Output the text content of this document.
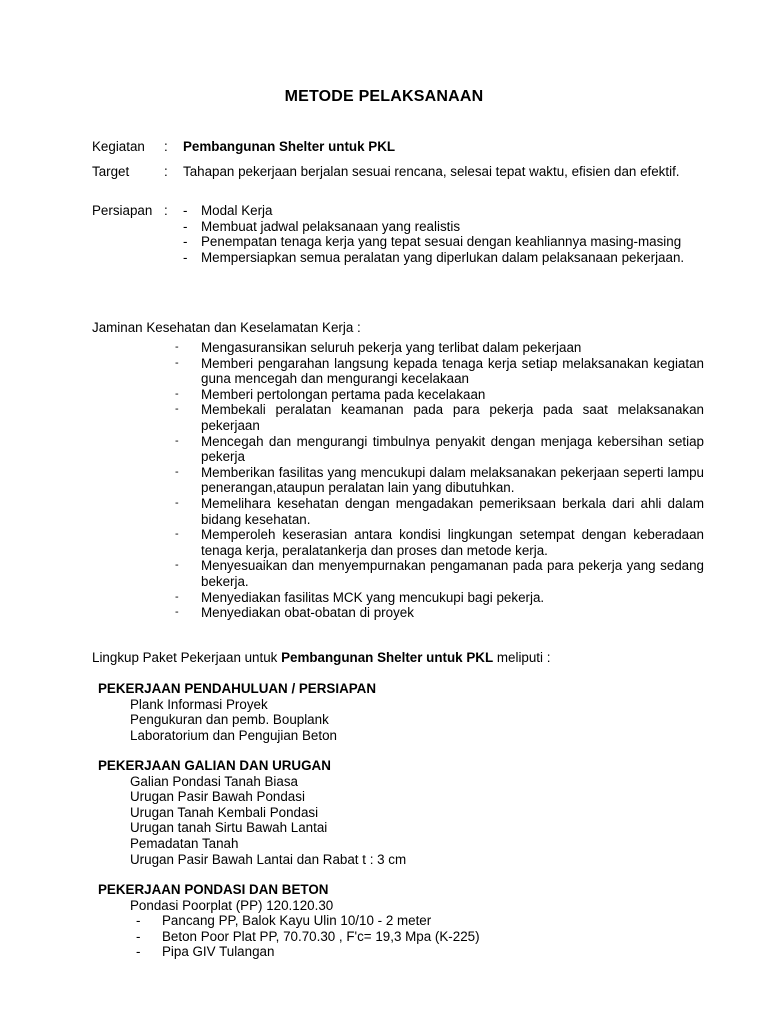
METODE PELAKSANAAN
Kegiatan : Pembangunan Shelter untuk PKL
Target	: Tahapan pekerjaan berjalan sesuai rencana, selesai tepat waktu, efisien dan efektif.
Persiapan :
-	Modal Kerja
- Membuat jadwal pelaksanaan yang realistis
- Penempatan tenaga kerja yang tepat sesuai dengan keahliannya masing-masing
- Mempersiapkan semua peralatan yang diperlukan dalam pelaksanaan pekerjaan.
Jaminan Kesehatan dan Keselamatan Kerja :
- Mengasuransikan seluruh pekerja yang terlibat dalam pekerjaan
- Memberi pengarahan langsung kepada tenaga kerja setiap melaksanakan kegiatan guna mencegah dan mengurangi kecelakaan
- Memberi pertolongan pertama pada kecelakaan
- Membekali peralatan keamanan pada para pekerja pada saat melaksanakan pekerjaan
- Mencegah dan mengurangi timbulnya penyakit dengan menjaga kebersihan setiap pekerja
- Memberikan fasilitas yang mencukupi dalam melaksanakan pekerjaan seperti lampu penerangan,ataupun peralatan lain yang dibutuhkan.
- Memelihara kesehatan dengan mengadakan pemeriksaan berkala dari ahli dalam bidang kesehatan.
- Memperoleh keserasian antara kondisi lingkungan setempat dengan keberadaan tenaga kerja, peralatankerja dan proses dan metode kerja.
- Menyesuaikan dan menyempurnakan pengamanan pada para pekerja yang sedang bekerja.
- Menyediakan fasilitas MCK yang mencukupi bagi pekerja.
- Menyediakan obat-obatan di proyek
Lingkup Paket Pekerjaan untuk Pembangunan Shelter untuk PKL meliputi :
PEKERJAAN PENDAHULUAN / PERSIAPAN
Plank Informasi Proyek
Pengukuran dan pemb. Bouplank
Laboratorium dan Pengujian Beton
PEKERJAAN GALIAN DAN URUGAN
Galian Pondasi Tanah Biasa
Urugan Pasir Bawah Pondasi
Urugan Tanah Kembali Pondasi
Urugan tanah Sirtu Bawah Lantai
Pemadatan Tanah
Urugan Pasir Bawah Lantai dan Rabat t : 3 cm
PEKERJAAN PONDASI DAN BETON
Pondasi Poorplat (PP) 120.120.30
- Pancang PP, Balok Kayu Ulin 10/10 - 2 meter
- Beton Poor Plat PP, 70.70.30 , F'c= 19,3 Mpa (K-225)
- Pipa GIV Tulangan
